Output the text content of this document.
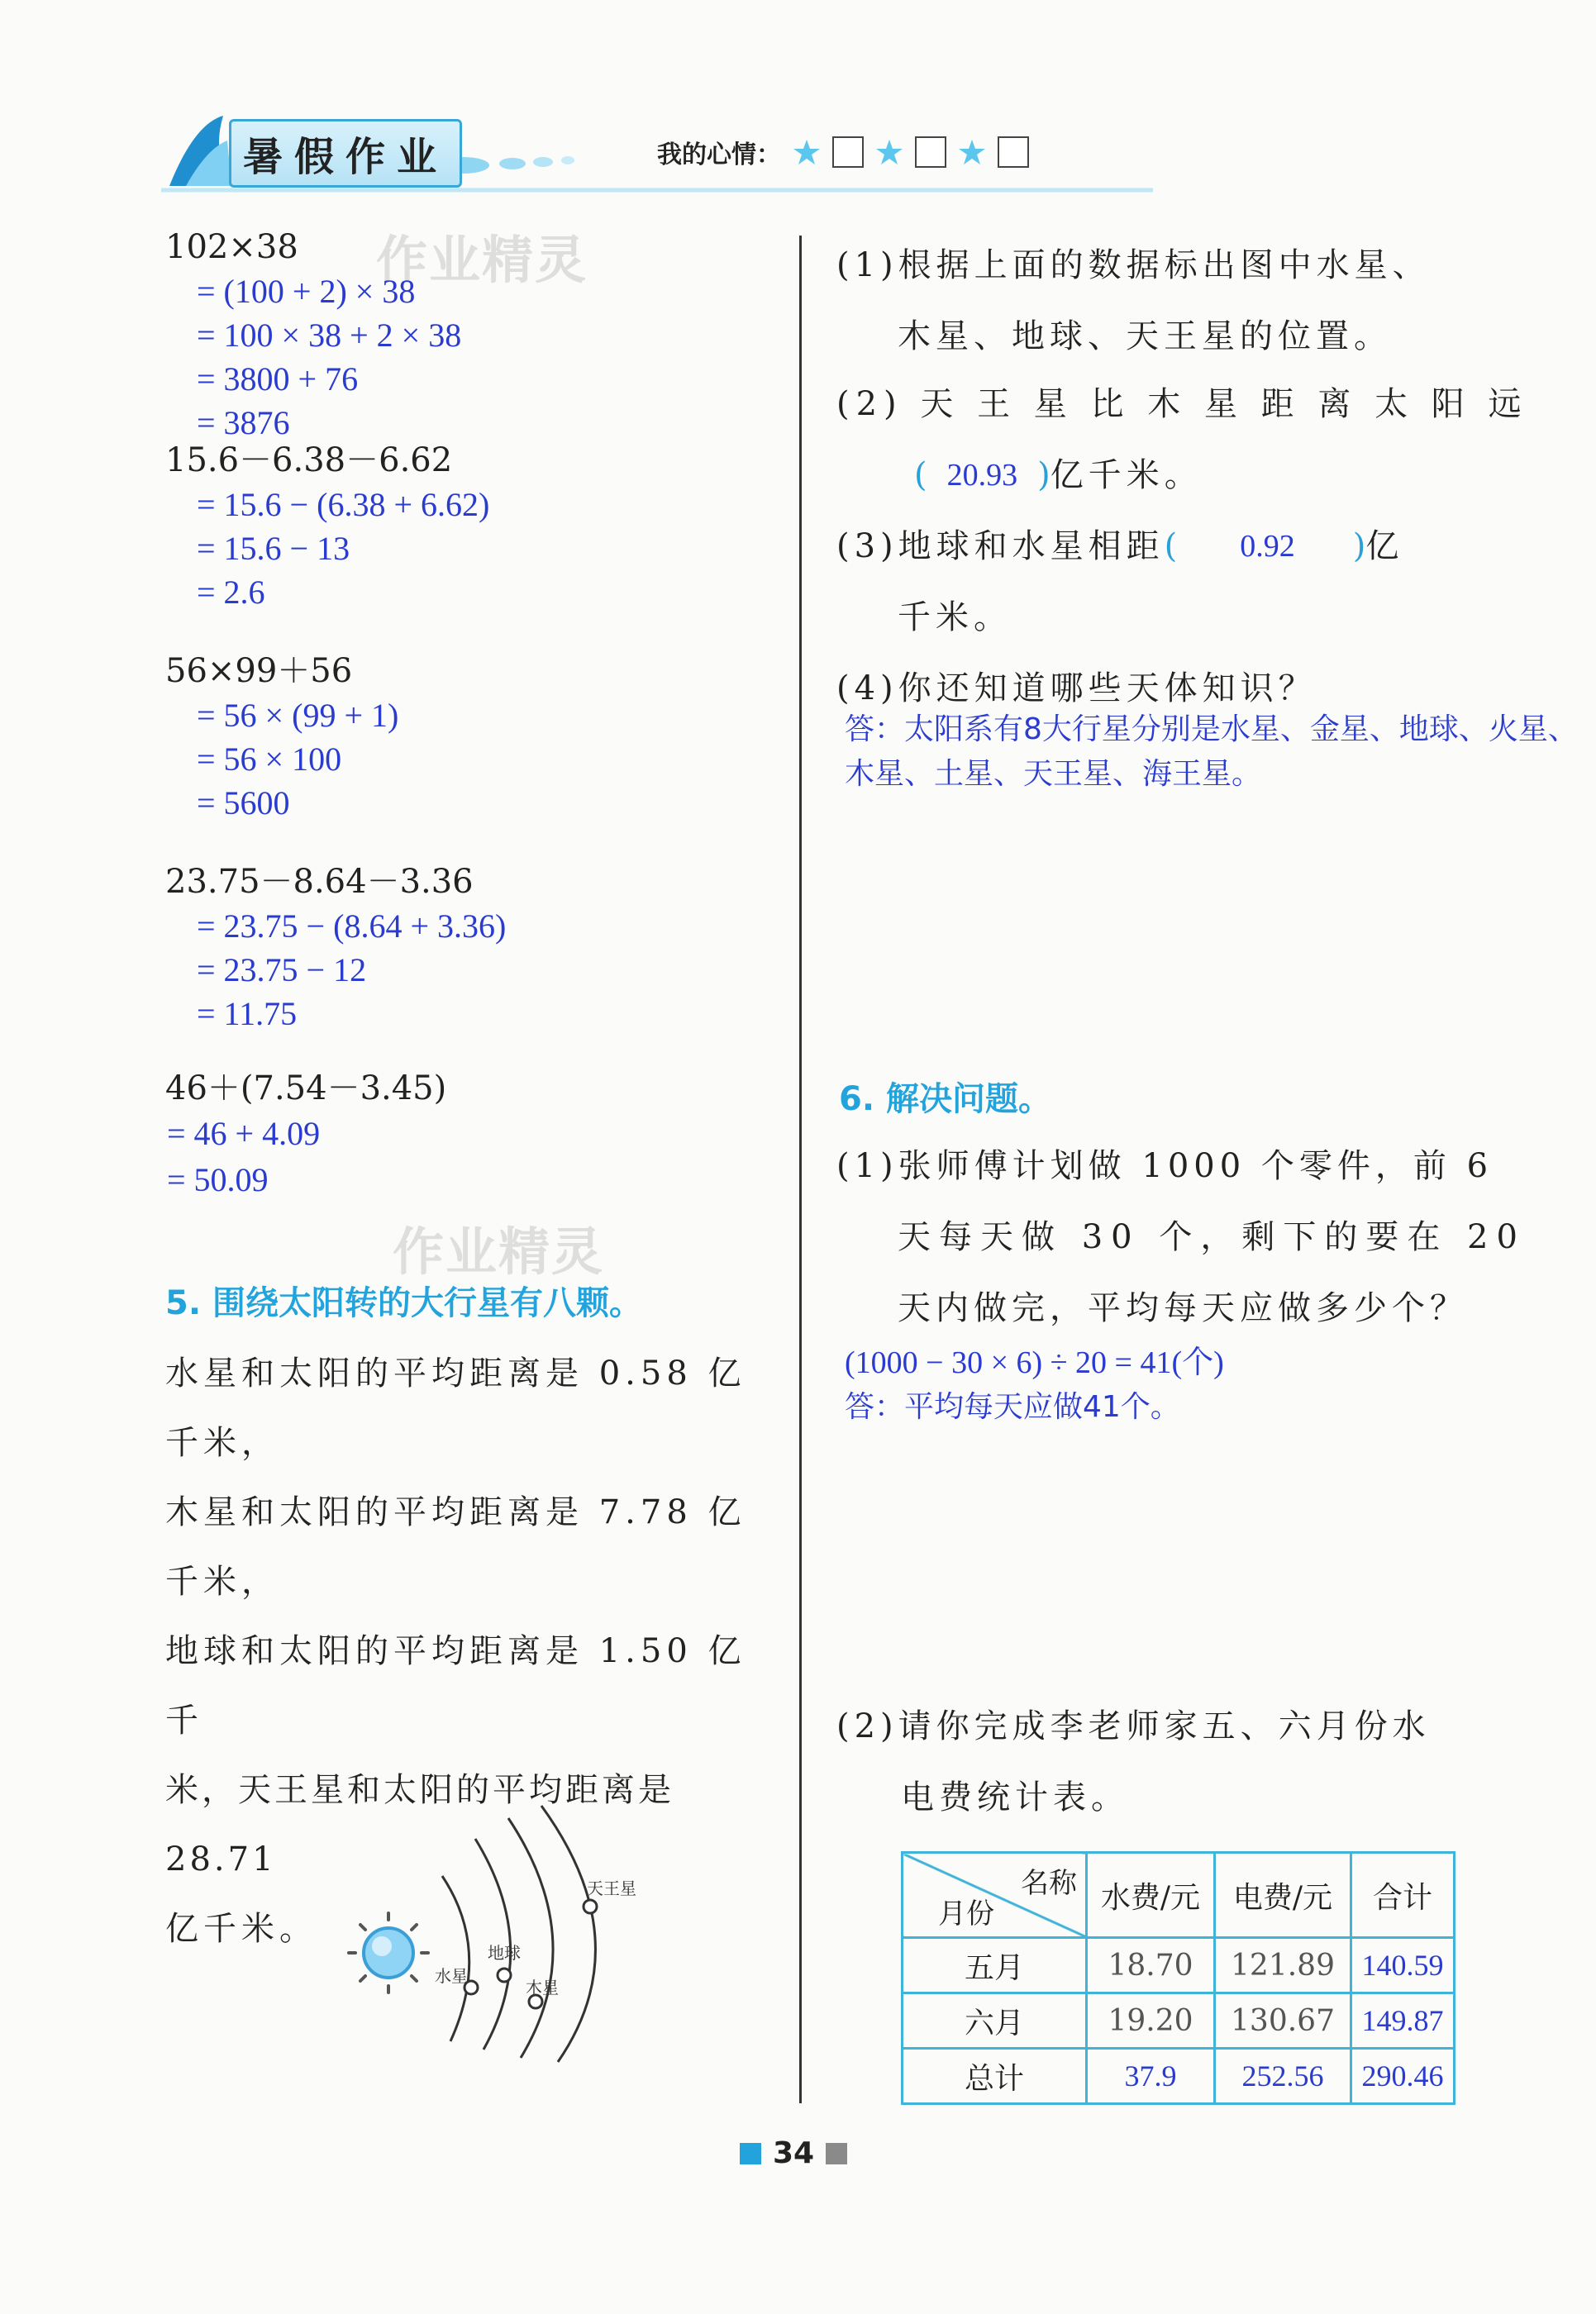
暑假作业	我的心情：
作业精灵
作业精灵
102×38
= (100 + 2) × 38
= 100 × 38 + 2 × 38
= 3800 + 76
= 3876
15.6－6.38－6.62
= 15.6 − (6.38 + 6.62)
= 15.6 − 13
= 2.6
56×99＋56
= 56 × (99 + 1)
= 56 × 100
= 5600
23.75－8.64－3.36
= 23.75 − (8.64 + 3.36)
= 23.75 − 12
= 11.75
46＋(7.54－3.45)
= 46 + 4.09
= 50.09
5. 围绕太阳转的大行星有八颗。
水星和太阳的平均距离是 0.58 亿
千米，
木星和太阳的平均距离是 7.78 亿
千米，
地球和太阳的平均距离是 1.50 亿千
米，天王星和太阳的平均距离是 28.71
亿千米。
水星
地球
木星
天王星
(1)根据上面的数据标出图中水星、
木星、地球、天王星的位置。
(2) 天 王 星 比 木 星 距 离 太 阳 远
( 20.93 ) 亿千米。
(3)地球和水星相距 (	0.92	) 亿
千米。
(4)你还知道哪些天体知识？
答：太阳系有8大行星分别是水星、金星、地球、火星、
木星、土星、天王星、海王星。
6. 解决问题。
(1)张师傅计划做 1000 个零件，前 6
天每天做 30 个，剩下的要在 20
天内做完，平均每天应做多少个？
(1000 − 30 × 6) ÷ 20 = 41(个)
答：平均每天应做41个。
(2)请你完成李老师家五、六月份水
电费统计表。
名称
月份	水费/元	电费/元	合计
五月	18.70	121.89	140.59
六月	19.20	130.67	149.87
总计	37.9	252.56	290.46
34
